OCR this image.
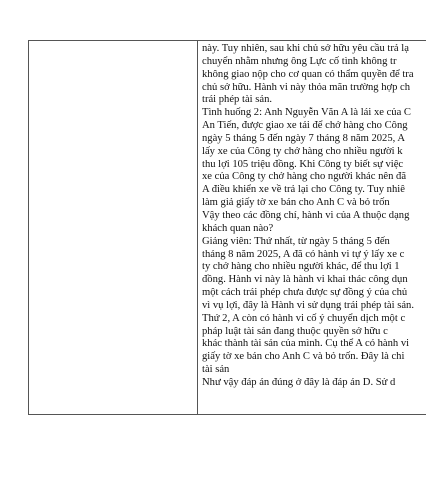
này. Tuy nhiên, sau khi chủ sở hữu yêu cầu trả lạ
chuyển nhằm nhưng ông Lực cố tình không tr
không giao nộp cho cơ quan có thẩm quyền để tra
chủ sở hữu. Hành vi này thỏa mãn trường hợp ch
trái phép tài sản.
Tình huống 2: Anh Nguyễn Văn A là lái xe của C
An Tiến, được giao xe tải để chở hàng cho Công
ngày 5 tháng 5 đến ngày 7 tháng 8 năm 2025, A
lấy xe của Công ty chở hàng cho nhiều người k
thu lợi 105 triệu đồng. Khi Công ty biết sự việc
xe của Công ty chở hàng cho người khác nên đã
A điều khiển xe về trả lại cho Công ty. Tuy nhiê
làm giả giấy tờ xe bán cho Anh C và bỏ trốn
Vậy theo các đồng chí, hành vi của A thuộc dạng
khách quan nào?
Giảng viên: Thứ nhất, từ ngày 5 tháng 5 đến
tháng 8 năm 2025, A đã có hành vi tự ý lấy xe c
ty chở hàng cho nhiều người khác, để thu lợi 1
đồng. Hành vi này là hành vi khai thác công dụn
một cách trái phép chưa được sự đồng ý của chủ
vì vụ lợi, đây là Hành vi sử dụng trái phép tài sản.
Thứ 2, A còn có hành vi cố ý chuyển dịch một c
pháp luật tài sản đang thuộc quyền sở hữu c
khác thành tài sản của mình. Cụ thể A có hành vi
giấy tờ xe bán cho Anh C và bỏ trốn. Đây là chi
tài sản
Như vậy đáp án đúng ở đây là đáp án D. Sử d
